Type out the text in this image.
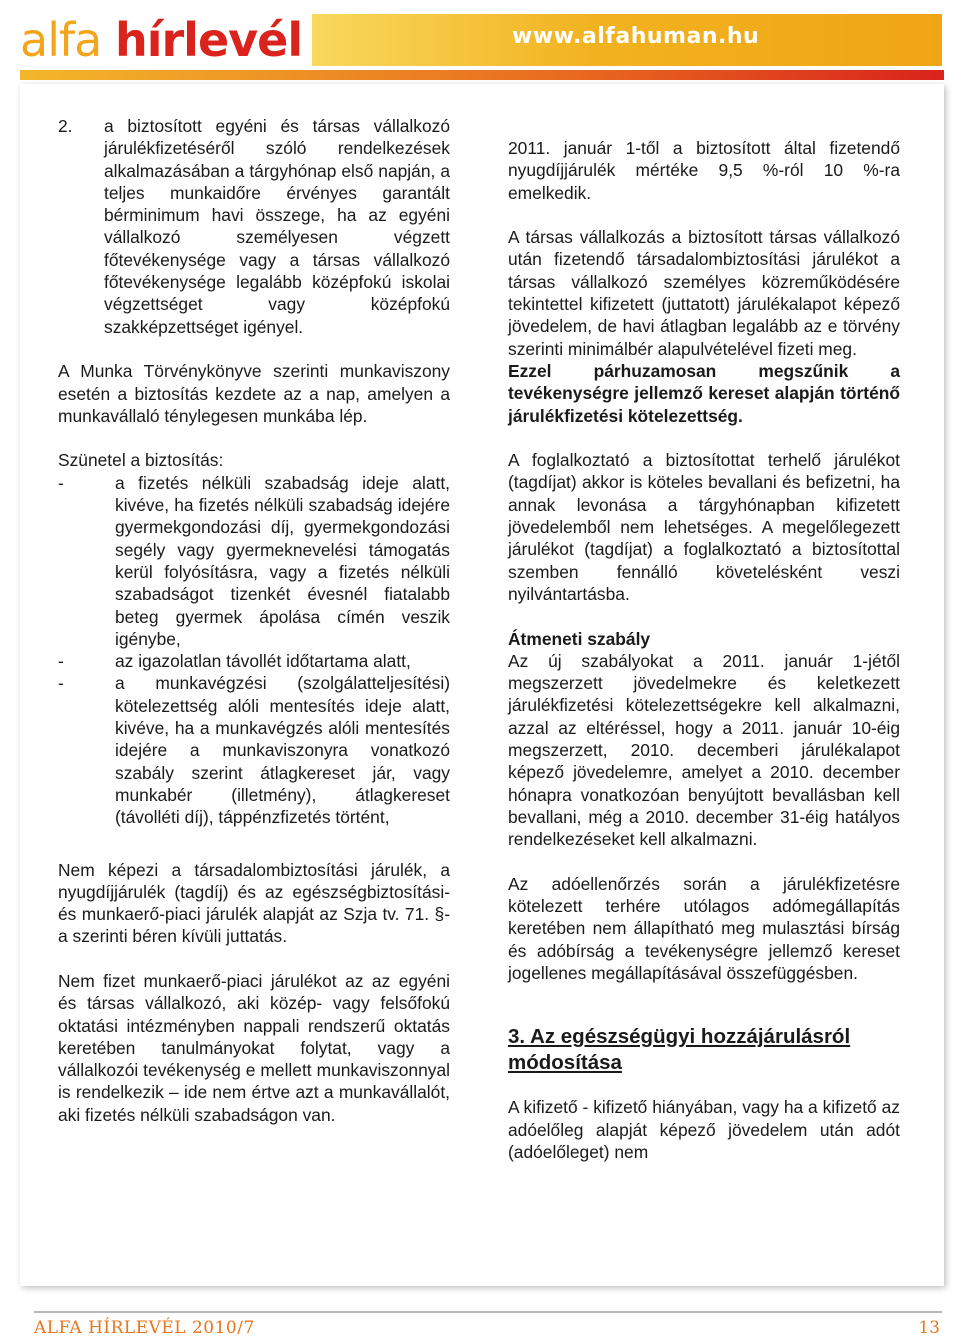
alfa hírlevél	www.alfahuman.hu
2. a biztosított egyéni és társas vállalkozó járulékfizetéséről szóló rendelkezések alkalmazásában a tárgyhónap első napján, a teljes munkaidőre érvényes garantált bérminimum havi összege, ha az egyéni vállalkozó személyesen végzett főtevékenysége vagy a társas vállalkozó főtevékenysége legalább középfokú iskolai végzettséget vagy középfokú szakképzettséget igényel.

A Munka Törvénykönyve szerinti munkaviszony esetén a biztosítás kezdete az a nap, amelyen a munkavállaló ténylegesen munkába lép.

Szünetel a biztosítás:

-	a fizetés nélküli szabadság ideje alatt, kivéve, ha fizetés nélküli szabadság idejére gyermekgondozási díj, gyermekgondozási segély vagy gyermeknevelési támogatás kerül folyósításra, vagy a fizetés nélküli szabadságot tizenkét évesnél fiatalabb beteg gyermek ápolása címén veszik igénybe,
-	az igazolatlan távollét időtartama alatt,
-	a munkavégzési (szolgálatteljesítési) kötelezettség alóli mentesítés ideje alatt, kivéve, ha a munkavégzés alóli mentesítés idejére a munkaviszonyra vonatkozó szabály szerint átlagkereset jár, vagy munkabér (illetmény), átlagkereset (távolléti díj), táppénzfizetés történt,

Nem képezi a társadalombiztosítási járulék, a nyugdíjjárulék (tagdíj) és az egészségbiztosítási- és munkaerő-piaci járulék alapját az Szja tv. 71. §-a szerinti béren kívüli juttatás.

Nem fizet munkaerő-piaci járulékot az az egyéni és társas vállalkozó, aki közép- vagy felsőfokú oktatási intézményben nappali rendszerű oktatás keretében tanulmányokat folytat, vagy a vállalkozói tevékenység e mellett munkaviszonnyal is rendelkezik – ide nem értve azt a munkavállalót, aki fizetés nélküli szabadságon van.

2011. január 1-től a biztosított által fizetendő nyugdíjjárulék mértéke 9,5 %-ról 10 %-ra emelkedik.

A társas vállalkozás a biztosított társas vállalkozó után fizetendő társadalombiztosítási járulékot a társas vállalkozó személyes közreműködésére tekintettel kifizetett (juttatott) járulékalapot képező jövedelem, de havi átlagban legalább az e törvény szerinti minimálbér alapulvételével fizeti meg.

Ezzel párhuzamosan megszűnik a tevékenységre jellemző kereset alapján történő járulékfizetési kötelezettség.

A foglalkoztató a biztosítottat terhelő járulékot (tagdíjat) akkor is köteles bevallani és befizetni, ha annak levonása a tárgyhónapban kifizetett jövedelemből nem lehetséges. A megelőlegezett járulékot (tagdíjat) a foglalkoztató a biztosítottal szemben fennálló követelésként veszi nyilvántartásba.

Átmeneti szabály

Az új szabályokat a 2011. január 1-jétől megszerzett jövedelmekre és keletkezett járulékfizetési kötelezettségekre kell alkalmazni, azzal az eltéréssel, hogy a 2011. január 10-éig megszerzett, 2010. decemberi járulékalapot képező jövedelemre, amelyet a 2010. december hónapra vonatkozóan benyújtott bevallásban kell bevallani, még a 2010. december 31-éig hatályos rendelkezéseket kell alkalmazni.

Az adóellenőrzés során a járulékfizetésre kötelezett terhére utólagos adómegállapítás keretében nem állapítható meg mulasztási bírság és adóbírság a tevékenységre jellemző kereset jogellenes megállapításával összefüggésben.

3. Az egészségügyi hozzájárulásról módosítása

A kifizető - kifizető hiányában, vagy ha a kifizető az adóelőleg alapját képező jövedelem után adót (adóelőleget) nem

ALFA HÍRLEVÉL 2010/7	13
